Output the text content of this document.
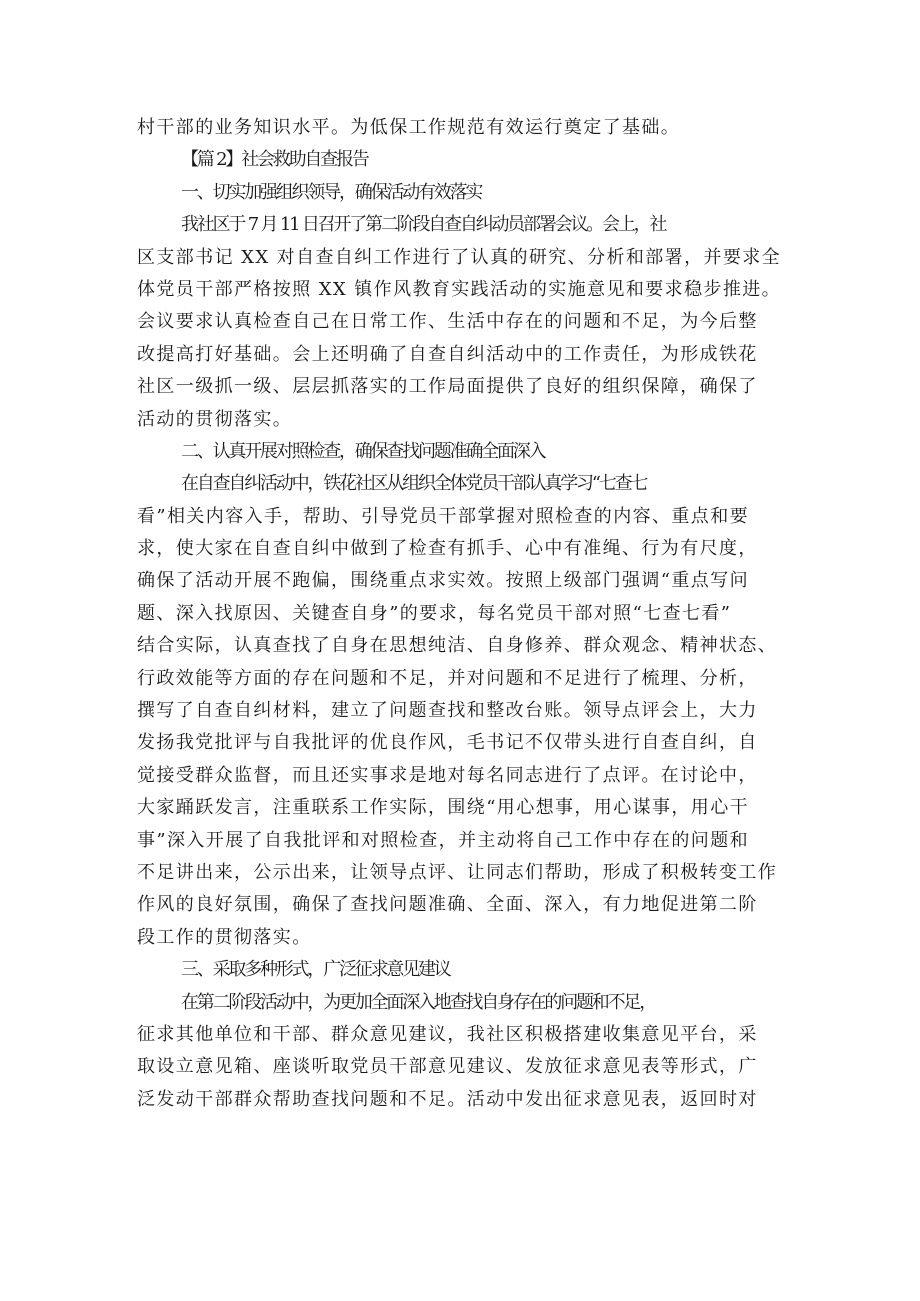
村干部的业务知识水平。为低保工作规范有效运行奠定了基础。
【篇 2】社会救助自查报告
一、切实加强组织领导，确保活动有效落实
我社区于 7 月 11 日召开了第二阶段自查自纠动员部署会议。会上，社
区支部书记 XX 对自查自纠工作进行了认真的研究、分析和部署，并要求全
体党员干部严格按照 XX 镇作风教育实践活动的实施意见和要求稳步推进。
会议要求认真检查自己在日常工作、生活中存在的问题和不足，为今后整
改提高打好基础。会上还明确了自查自纠活动中的工作责任，为形成铁花
社区一级抓一级、层层抓落实的工作局面提供了良好的组织保障，确保了
活动的贯彻落实。
二、认真开展对照检查，确保查找问题准确全面深入
在自查自纠活动中，铁花社区从组织全体党员干部认真学习“七查七
看”相关内容入手，帮助、引导党员干部掌握对照检查的内容、重点和要
求，使大家在自查自纠中做到了检查有抓手、心中有准绳、行为有尺度，
确保了活动开展不跑偏，围绕重点求实效。按照上级部门强调“重点写问
题、深入找原因、关键查自身”的要求，每名党员干部对照“七查七看”
结合实际，认真查找了自身在思想纯洁、自身修养、群众观念、精神状态、
行政效能等方面的存在问题和不足，并对问题和不足进行了梳理、分析，
撰写了自查自纠材料，建立了问题查找和整改台账。领导点评会上，大力
发扬我党批评与自我批评的优良作风，毛书记不仅带头进行自查自纠，自
觉接受群众监督，而且还实事求是地对每名同志进行了点评。在讨论中，
大家踊跃发言，注重联系工作实际，围绕“用心想事，用心谋事，用心干
事”深入开展了自我批评和对照检查，并主动将自己工作中存在的问题和
不足讲出来，公示出来，让领导点评、让同志们帮助，形成了积极转变工作
作风的良好氛围，确保了查找问题准确、全面、深入，有力地促进第二阶
段工作的贯彻落实。
三、采取多种形式，广泛征求意见建议
在第二阶段活动中，为更加全面深入地查找自身存在的问题和不足，
征求其他单位和干部、群众意见建议，我社区积极搭建收集意见平台，采
取设立意见箱、座谈听取党员干部意见建议、发放征求意见表等形式，广
泛发动干部群众帮助查找问题和不足。活动中发出征求意见表，返回时对
